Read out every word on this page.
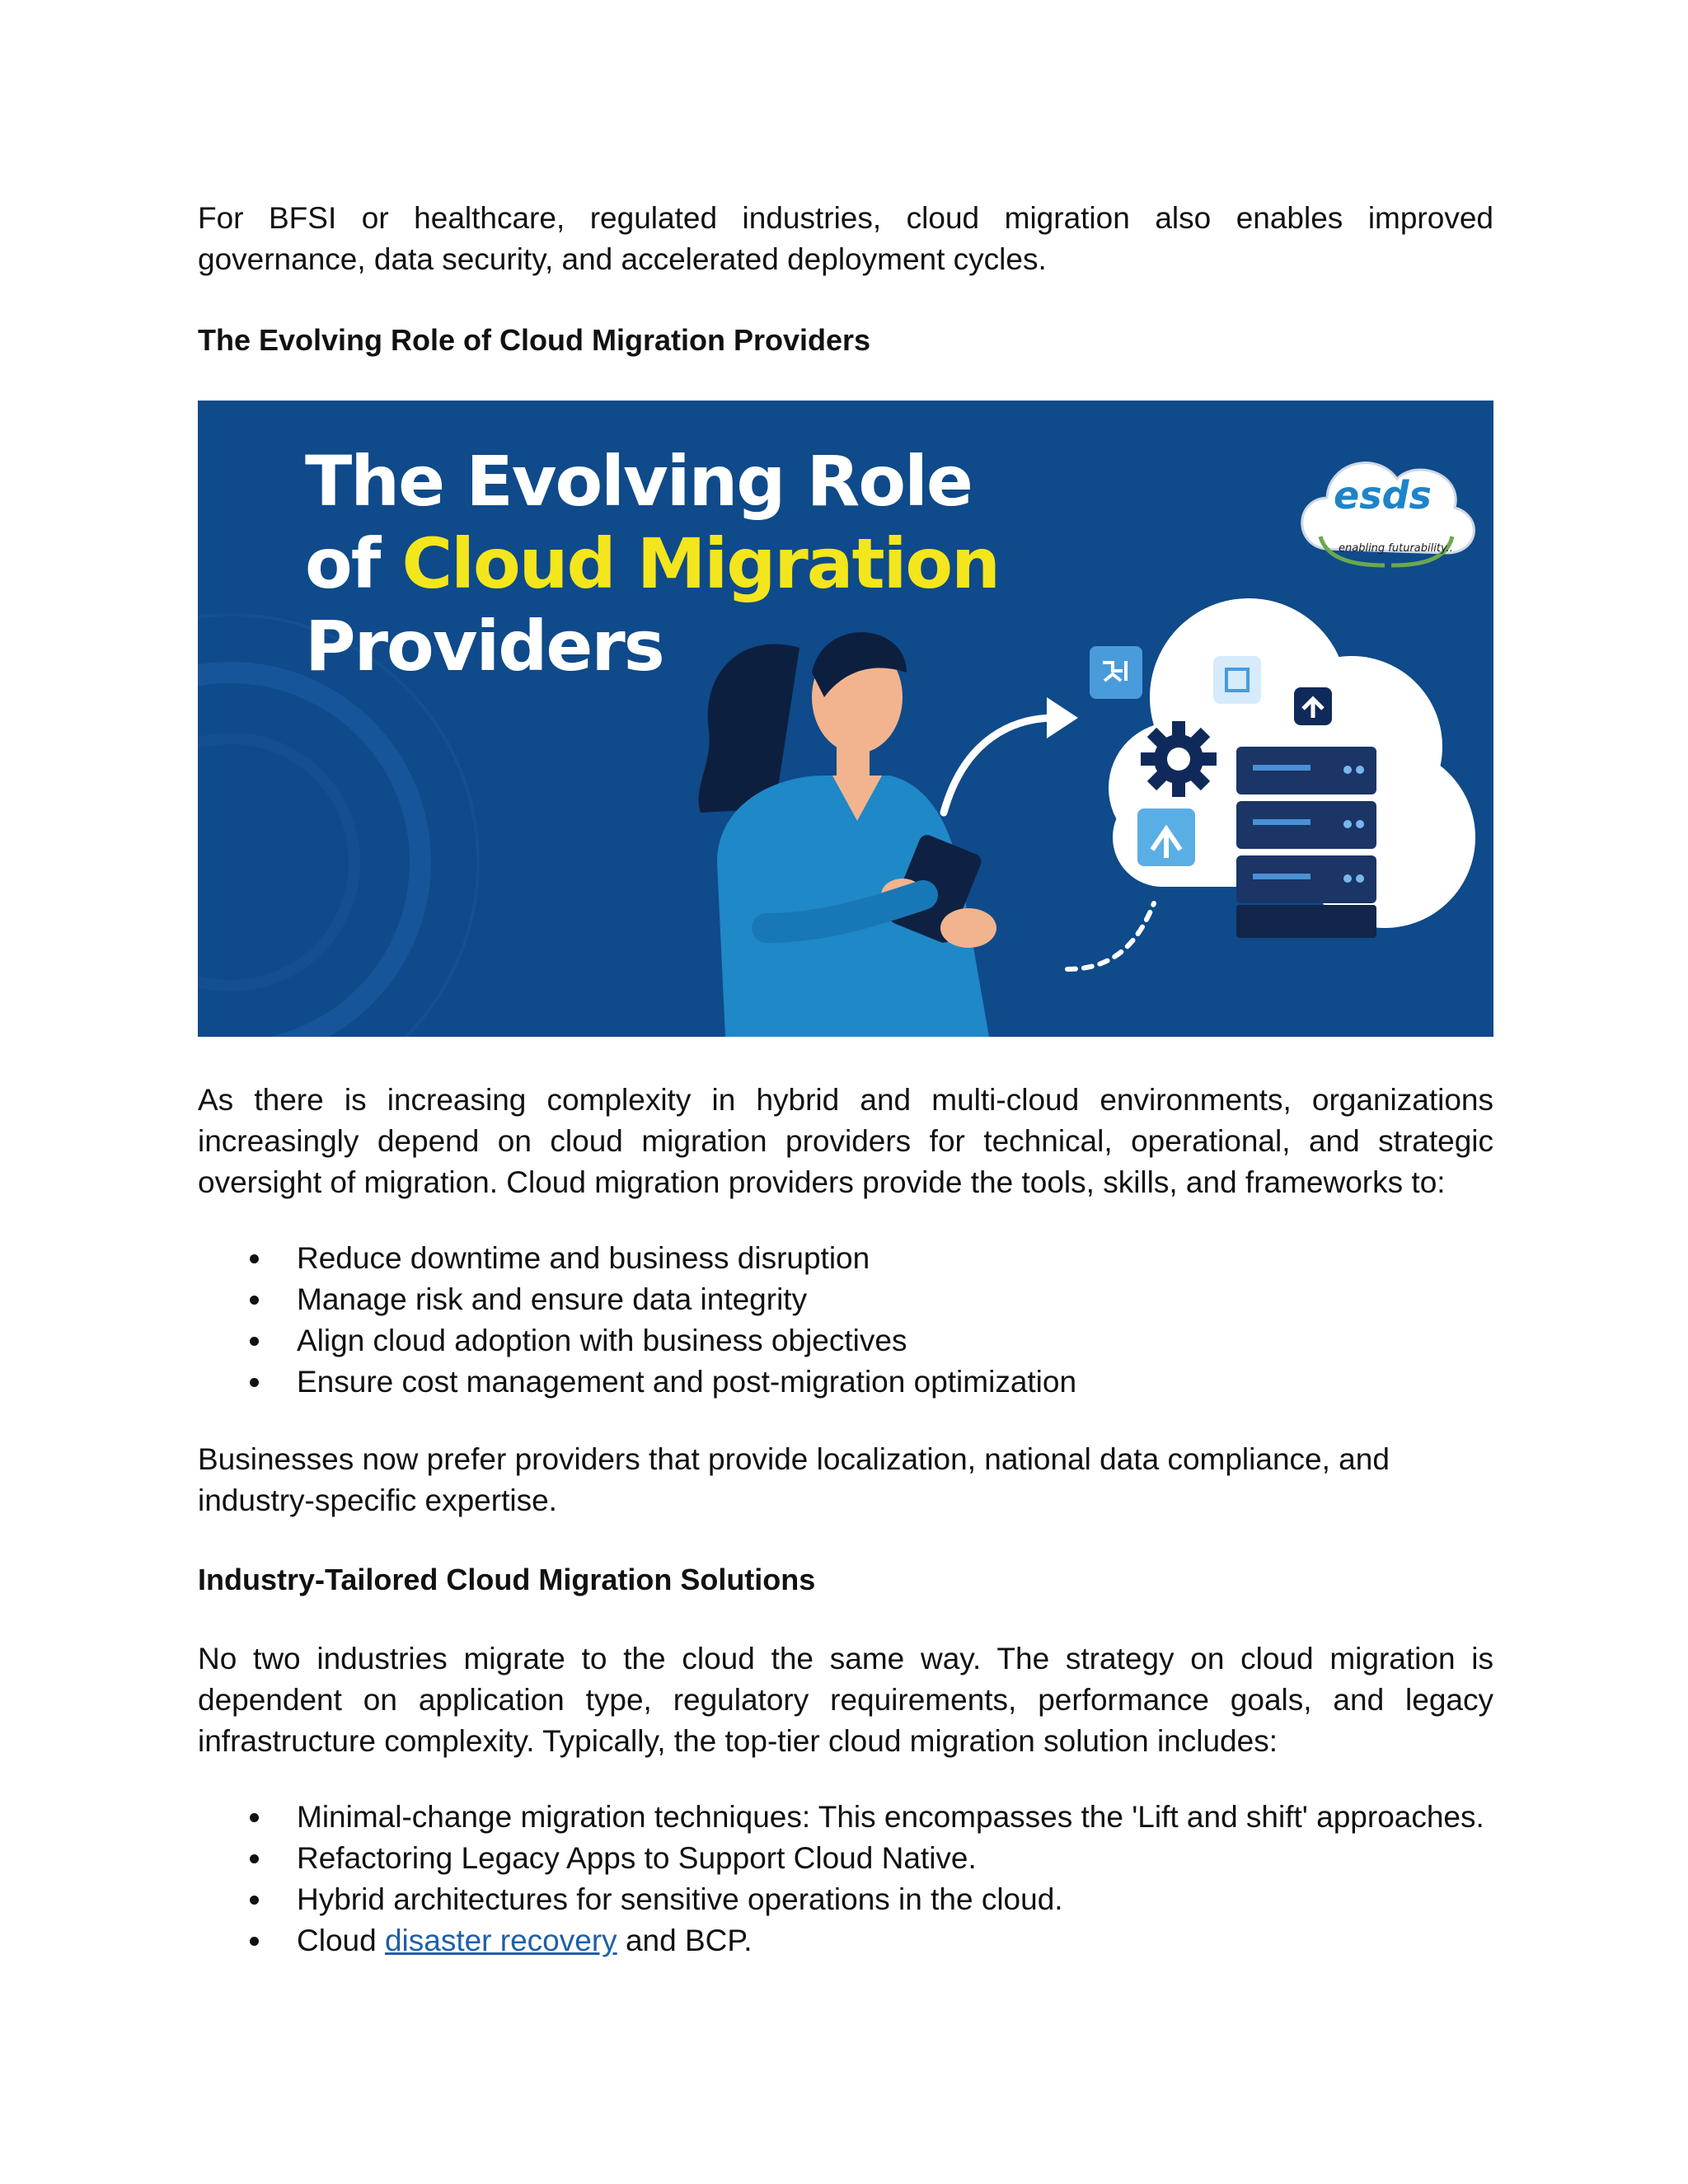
For BFSI or healthcare, regulated industries, cloud migration also enables improved governance, data security, and accelerated deployment cycles.

The Evolving Role of Cloud Migration Providers
The Evolving Role
of Cloud Migration
Providers
esds
enabling futurability..

As there is increasing complexity in hybrid and multi-cloud environments, organizations increasingly depend on cloud migration providers for technical, operational, and strategic oversight of migration. Cloud migration providers provide the tools, skills, and frameworks to:

Reduce downtime and business disruption
Manage risk and ensure data integrity
Align cloud adoption with business objectives
Ensure cost management and post-migration optimization

Businesses now prefer providers that provide localization, national data compliance, and industry-specific expertise.

Industry-Tailored Cloud Migration Solutions

No two industries migrate to the cloud the same way. The strategy on cloud migration is dependent on application type, regulatory requirements, performance goals, and legacy infrastructure complexity. Typically, the top-tier cloud migration solution includes:

Minimal-change migration techniques: This encompasses the 'Lift and shift' approaches.
Refactoring Legacy Apps to Support Cloud Native.
Hybrid architectures for sensitive operations in the cloud.
Cloud disaster recovery and BCP.
